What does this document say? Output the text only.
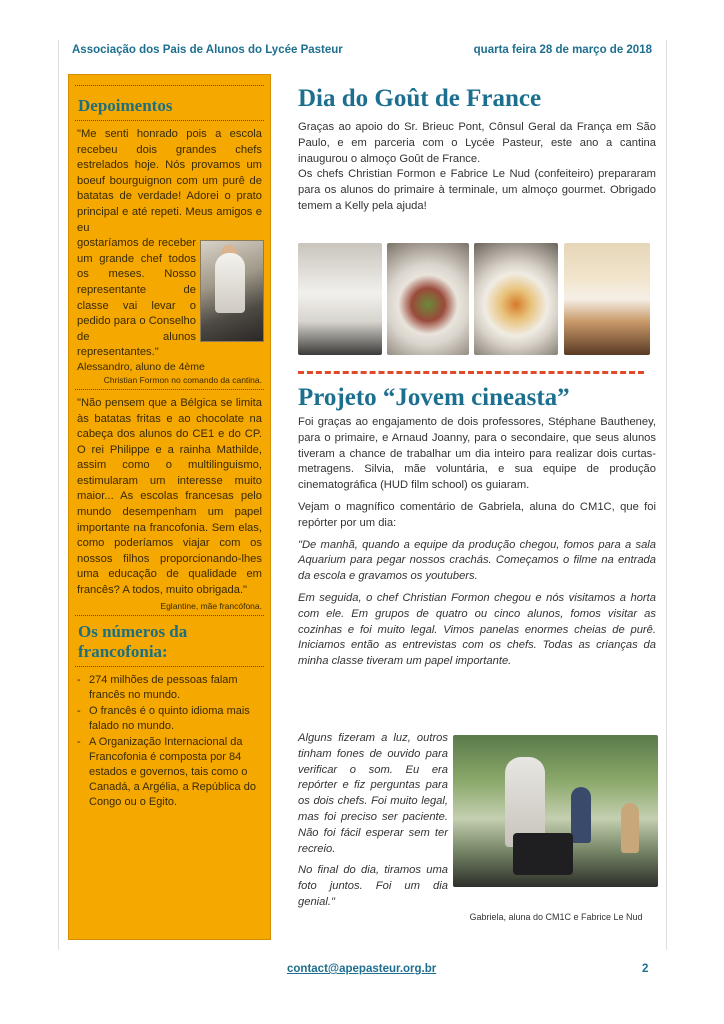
Associação dos Pais de Alunos do Lycée Pasteur	quarta feira 28 de março de 2018
Depoimentos

"Me senti honrado pois a escola recebeu dois grandes chefs estrelados hoje. Nós provamos um boeuf bourguignon com um purê de batatas de verdade! Adorei o prato principal e até repeti. Meus amigos e eu

gostaríamos de receber um grande chef todos os meses. Nosso representante de classe vai levar o pedido para o Conselho de alunos representantes."

Alessandro, aluno de 4ème
Christian Formon no comando da cantina.

"Não pensem que a Bélgica se limita às batatas fritas e ao chocolate na cabeça dos alunos do CE1 e do CP. O rei Philippe e a rainha Mathilde, assim como o multilinguismo, estimularam um interesse muito maior... As escolas francesas pelo mundo desempenham um papel importante na francofonia. Sem elas, como poderíamos viajar com os nossos filhos proporcionando-lhes uma educação de qualidade em francês? A todos, muito obrigada."

Eglantine, mãe francófona.
Os números da francofonia:
- 274 milhões de pessoas falam francês no mundo.
- O francês é o quinto idioma mais falado no mundo.
- A Organização Internacional da Francofonia é composta por 84 estados e governos, tais como o Canadá, a Argélia, a República do Congo ou o Egito.
Dia do Goût de France

Graças ao apoio do Sr. Brieuc Pont, Cônsul Geral da França em São Paulo, e em parceria com o Lycée Pasteur, este ano a cantina inaugurou o almoço Goût de France.

Os chefs Christian Formon e Fabrice Le Nud (confeiteiro) prepararam para os alunos do primaire à terminale, um almoço gourmet. Obrigado temem a Kelly pela ajuda!

Projeto “Jovem cineasta”

Foi graças ao engajamento de dois professores, Stéphane Bautheney, para o primaire, e Arnaud Joanny, para o secondaire, que seus alunos tiveram a chance de trabalhar um dia inteiro para realizar dois curtas-metragens. Silvia, mãe voluntária, e sua equipe de produção cinematográfica (HUD film school) os guiaram.

Vejam o magnífico comentário de Gabriela, aluna do CM1C, que foi repórter por um dia:

"De manhã, quando a equipe da produção chegou, fomos para a sala Aquarium para pegar nossos crachás. Começamos o filme na entrada da escola e gravamos os youtubers.

Em seguida, o chef Christian Formon chegou e nós visitamos a horta com ele. Em grupos de quatro ou cinco alunos, fomos visitar as cozinhas e foi muito legal. Vimos panelas enormes cheias de purê. Iniciamos então as entrevistas com os chefs. Todas as crianças da minha classe tiveram um papel importante.

Alguns fizeram a luz, outros tinham fones de ouvido para verificar o som. Eu era repórter e fiz perguntas para os dois chefs. Foi muito legal, mas foi preciso ser paciente. Não foi fácil esperar sem ter recreio.

No final do dia, tiramos uma foto juntos. Foi um dia genial."

Gabriela, aluna do CM1C e Fabrice Le Nud
contact@apepasteur.org.br	2
